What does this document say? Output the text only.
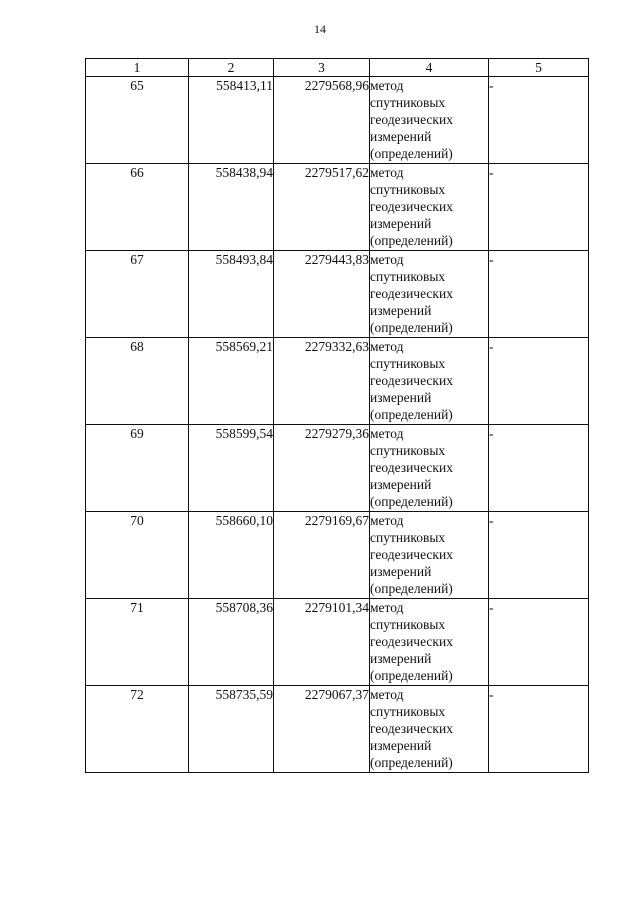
14
1	2	3	4	5
65	558413,11	2279568,96	метод
спутниковых
геодезических
измерений
(определений)	-
66	558438,94	2279517,62	метод
спутниковых
геодезических
измерений
(определений)	-
67	558493,84	2279443,83	метод
спутниковых
геодезических
измерений
(определений)	-
68	558569,21	2279332,63	метод
спутниковых
геодезических
измерений
(определений)	-
69	558599,54	2279279,36	метод
спутниковых
геодезических
измерений
(определений)	-
70	558660,10	2279169,67	метод
спутниковых
геодезических
измерений
(определений)	-
71	558708,36	2279101,34	метод
спутниковых
геодезических
измерений
(определений)	-
72	558735,59	2279067,37	метод
спутниковых
геодезических
измерений
(определений)	-
